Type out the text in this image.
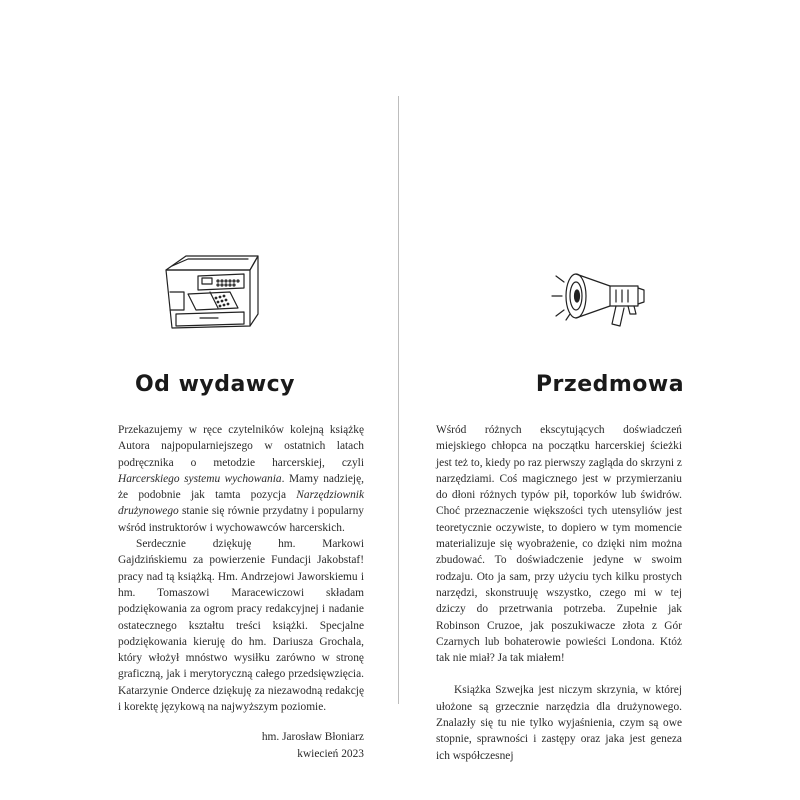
Od wydawcy

Przekazujemy w ręce czytelników kolejną książkę Autora najpopularniejszego w ostatnich latach podręcznika o metodzie harcerskiej, czyli Harcerskiego systemu wychowania. Mamy nadzieję, że podobnie jak tamta pozycja Narzędziownik drużynowego stanie się równie przydatny i popularny wśród instruktorów i wychowawców harcerskich.

Serdecznie dziękuję hm. Markowi Gajdzińskiemu za powierzenie Fundacji Jakobstaf! pracy nad tą książką. Hm. Andrzejowi Jaworskiemu i hm. Tomaszowi Maracewiczowi składam podziękowania za ogrom pracy redakcyjnej i nadanie ostatecznego kształtu treści książki. Specjalne podziękowania kieruję do hm. Dariusza Grochala, który włożył mnóstwo wysiłku zarówno w stronę graficzną, jak i merytoryczną całego przedsięwzięcia. Katarzynie Onderce dziękuję za niezawodną redakcję i korektę językową na najwyższym poziomie.

hm. Jarosław Błoniarz
kwiecień 2023
Przedmowa

Wśród różnych ekscytujących doświadczeń miejskiego chłopca na początku harcerskiej ścieżki jest też to, kiedy po raz pierwszy zagląda do skrzyni z narzędziami. Coś magicznego jest w przymierzaniu do dłoni różnych typów pił, toporków lub świdrów. Choć przeznaczenie większości tych utensyliów jest teoretycznie oczywiste, to dopiero w tym momencie materializuje się wyobrażenie, co dzięki nim można zbudować. To doświadczenie jedyne w swoim rodzaju. Oto ja sam, przy użyciu tych kilku prostych narzędzi, skonstruuję wszystko, czego mi w tej dziczy do przetrwania potrzeba. Zupełnie jak Robinson Cruzoe, jak poszukiwacze złota z Gór Czarnych lub bohaterowie powieści Londona. Któż tak nie miał? Ja tak miałem!

Książka Szwejka jest niczym skrzynia, w której ułożone są grzecznie narzędzia dla drużynowego. Znalazły się tu nie tylko wyjaśnienia, czym są owe stopnie, sprawności i zastępy oraz jaka jest geneza ich współczesnej
